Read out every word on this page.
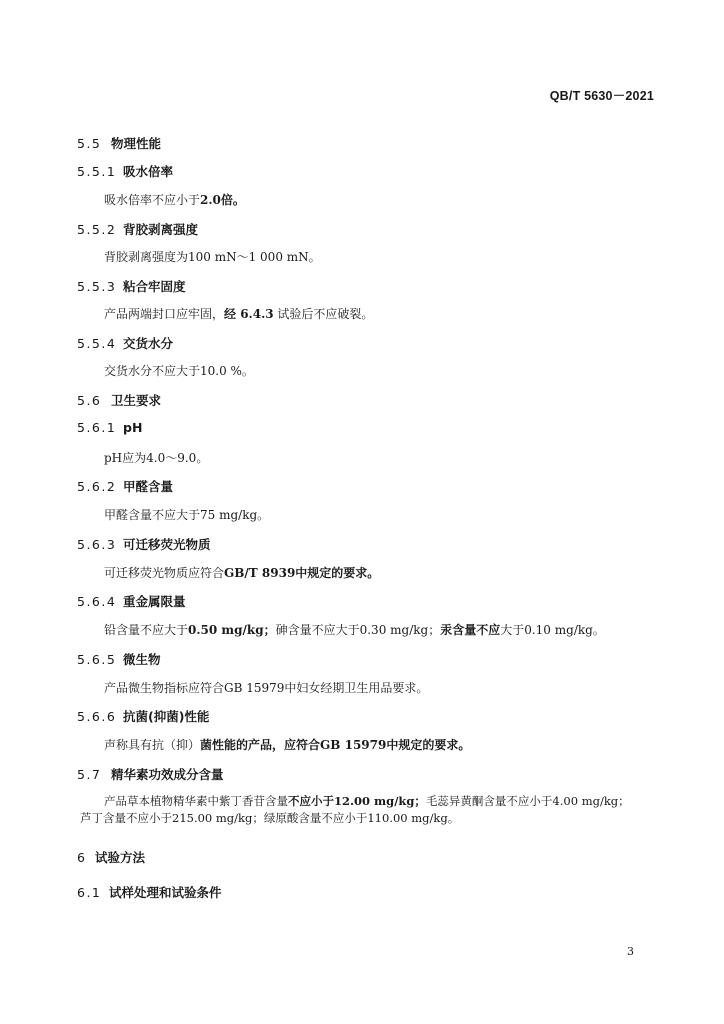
QB/T 5630－2021
5.5 物理性能
5.5.1 吸水倍率
吸水倍率不应小于2.0倍。
5.5.2 背胶剥离强度
背胶剥离强度为100 mN～1 000 mN。
5.5.3 粘合牢固度
产品两端封口应牢固，经 6.4.3 试验后不应破裂。
5.5.4 交货水分
交货水分不应大于10.0 %。
5.6 卫生要求
5.6.1 pH
pH应为4.0～9.0。
5.6.2 甲醛含量
甲醛含量不应大于75 mg/kg。
5.6.3 可迁移荧光物质
可迁移荧光物质应符合GB/T 8939中规定的要求。
5.6.4 重金属限量
铅含量不应大于0.50 mg/kg；砷含量不应大于0.30 mg/kg；汞含量不应大于0.10 mg/kg。
5.6.5 微生物
产品微生物指标应符合GB 15979中妇女经期卫生用品要求。
5.6.6 抗菌(抑菌)性能
声称具有抗（抑）菌性能的产品，应符合GB 15979中规定的要求。
5.7 精华素功效成分含量
产品草本植物精华素中紫丁香苷含量不应小于12.00 mg/kg；毛蕊异黄酮含量不应小于4.00 mg/kg；
芦丁含量不应小于215.00 mg/kg；绿原酸含量不应小于110.00 mg/kg。
6 试验方法
6.1 试样处理和试验条件
3
